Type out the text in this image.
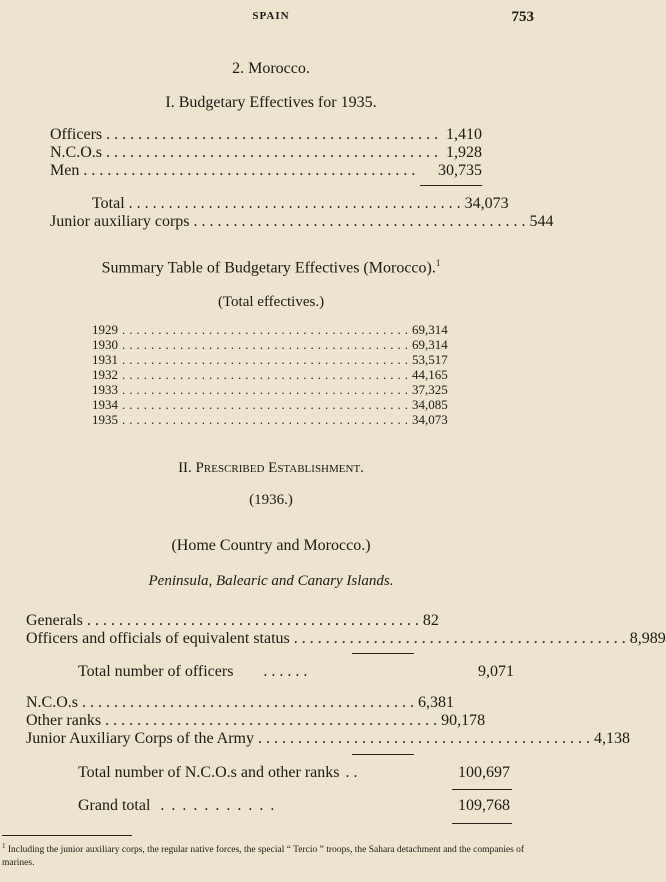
SPAIN	753
2. Morocco.
I. Budgetary Effectives for 1935.
Officers .......................................... 1,410
N.C.O.s .......................................... 1,928
Men ..........................................	30,735
Total .......................................... 34,073
Junior auxiliary corps .......................................... 544
Summary Table of Budgetary Effectives (Morocco).$^1$
(Total effectives.)
1929 ........................................ 69,314
1930 ........................................ 69,314
1931 ........................................ 53,517
1932 ........................................ 44,165
1933 ........................................ 37,325
1934 ........................................ 34,085
1935 ........................................ 34,073
II. Prescribed Establishment.
(1936.)
(Home Country and Morocco.)
Peninsula, Balearic and Canary Islands.
Generals .......................................... 82
Officers and officials of equivalent status .......................................... 8,989
Total number of officers ......	9,071
N.C.O.s .......................................... 6,381
Other ranks .......................................... 90,178
Junior Auxiliary Corps of the Army .......................................... 4,138
Total number of N.C.O.s and other ranks ..	100,697
Grand total ...........	109,768
$^1$ Including the junior auxiliary corps, the regular native forces, the special “ Tercio ” troops, the Sahara detachment and the companies of marines.
